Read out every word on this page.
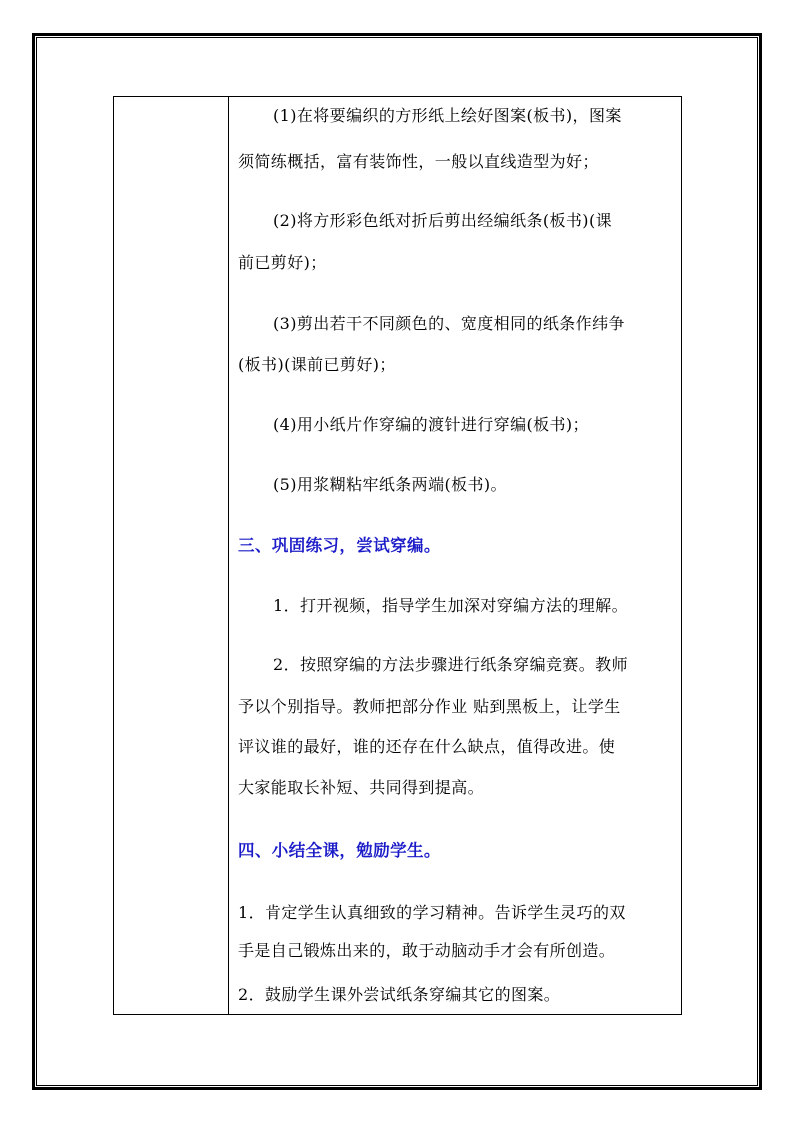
(1)在将要编织的方形纸上绘好图案(板书)，图案
须简练概括，富有装饰性，一般以直线造型为好；
(2)将方形彩色纸对折后剪出经编纸条(板书)(课
前已剪好)；
(3)剪出若干不同颜色的、宽度相同的纸条作纬争
(板书)(课前已剪好)；
(4)用小纸片作穿编的渡针进行穿编(板书)；
(5)用浆糊粘牢纸条两端(板书)。
三、巩固练习，尝试穿编。
1．打开视频，指导学生加深对穿编方法的理解。
2．按照穿编的方法步骤进行纸条穿编竞赛。教师
予以个别指导。教师把部分作业 贴到黑板上，让学生
评议谁的最好，谁的还存在什么缺点，值得改进。使
大家能取长补短、共同得到提高。
四、小结全课，勉励学生。
1．肯定学生认真细致的学习精神。告诉学生灵巧的双
手是自己锻炼出来的，敢于动脑动手才会有所创造。
2．鼓励学生课外尝试纸条穿编其它的图案。
